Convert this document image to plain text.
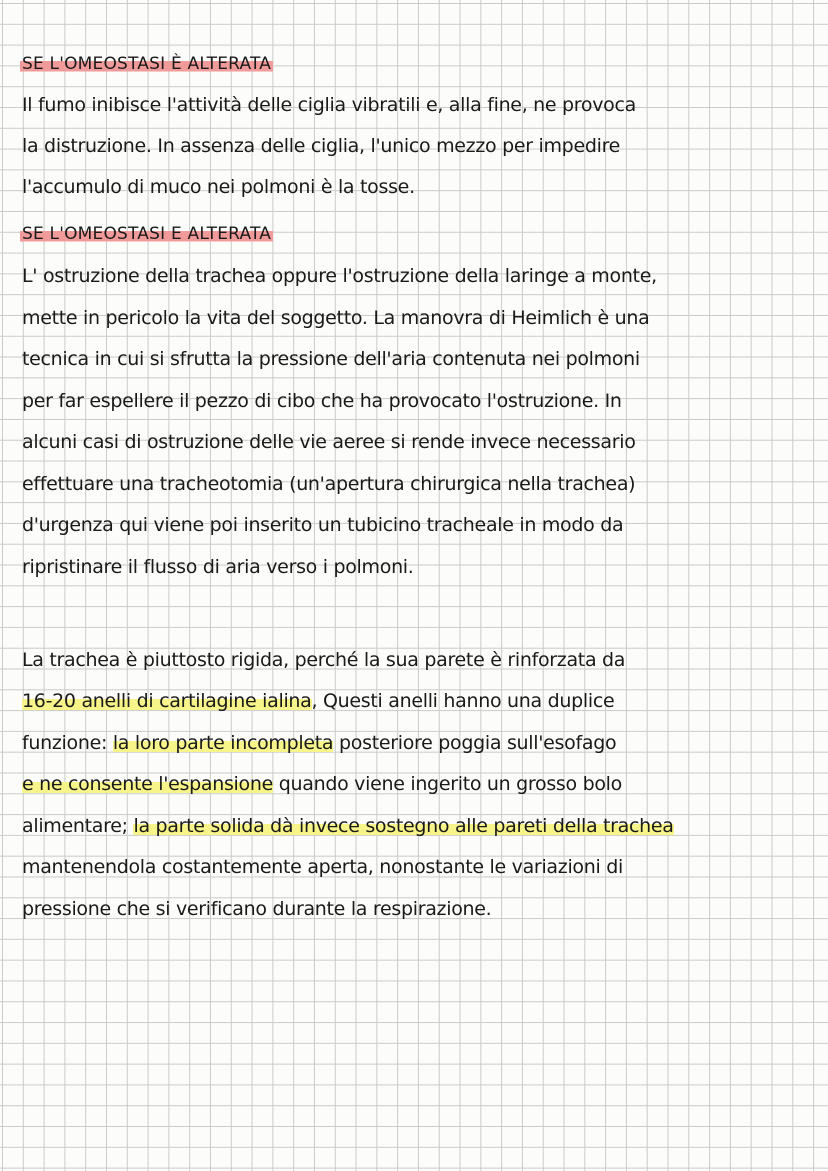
SE L'OMEOSTASI È ALTERATA
Il fumo inibisce l'attività delle ciglia vibratili e, alla fine, ne provoca
la distruzione. In assenza delle ciglia, l'unico mezzo per impedire
l'accumulo di muco nei polmoni è la tosse.
SE L'OMEOSTASI E ALTERATA
L' ostruzione della trachea oppure l'ostruzione della laringe a monte,
mette in pericolo la vita del soggetto. La manovra di Heimlich è una
tecnica in cui si sfrutta la pressione dell'aria contenuta nei polmoni
per far espellere il pezzo di cibo che ha provocato l'ostruzione. In
alcuni casi di ostruzione delle vie aeree si rende invece necessario
effettuare una tracheotomia (un'apertura chirurgica nella trachea)
d'urgenza qui viene poi inserito un tubicino tracheale in modo da
ripristinare il flusso di aria verso i polmoni.
La trachea è piuttosto rigida, perché la sua parete è rinforzata da
16-20 anelli di cartilagine ialina, Questi anelli hanno una duplice
funzione: la loro parte incompleta posteriore poggia sull'esofago
e ne consente l'espansione quando viene ingerito un grosso bolo
alimentare; la parte solida dà invece sostegno alle pareti della trachea
mantenendola costantemente aperta, nonostante le variazioni di
pressione che si verificano durante la respirazione.
